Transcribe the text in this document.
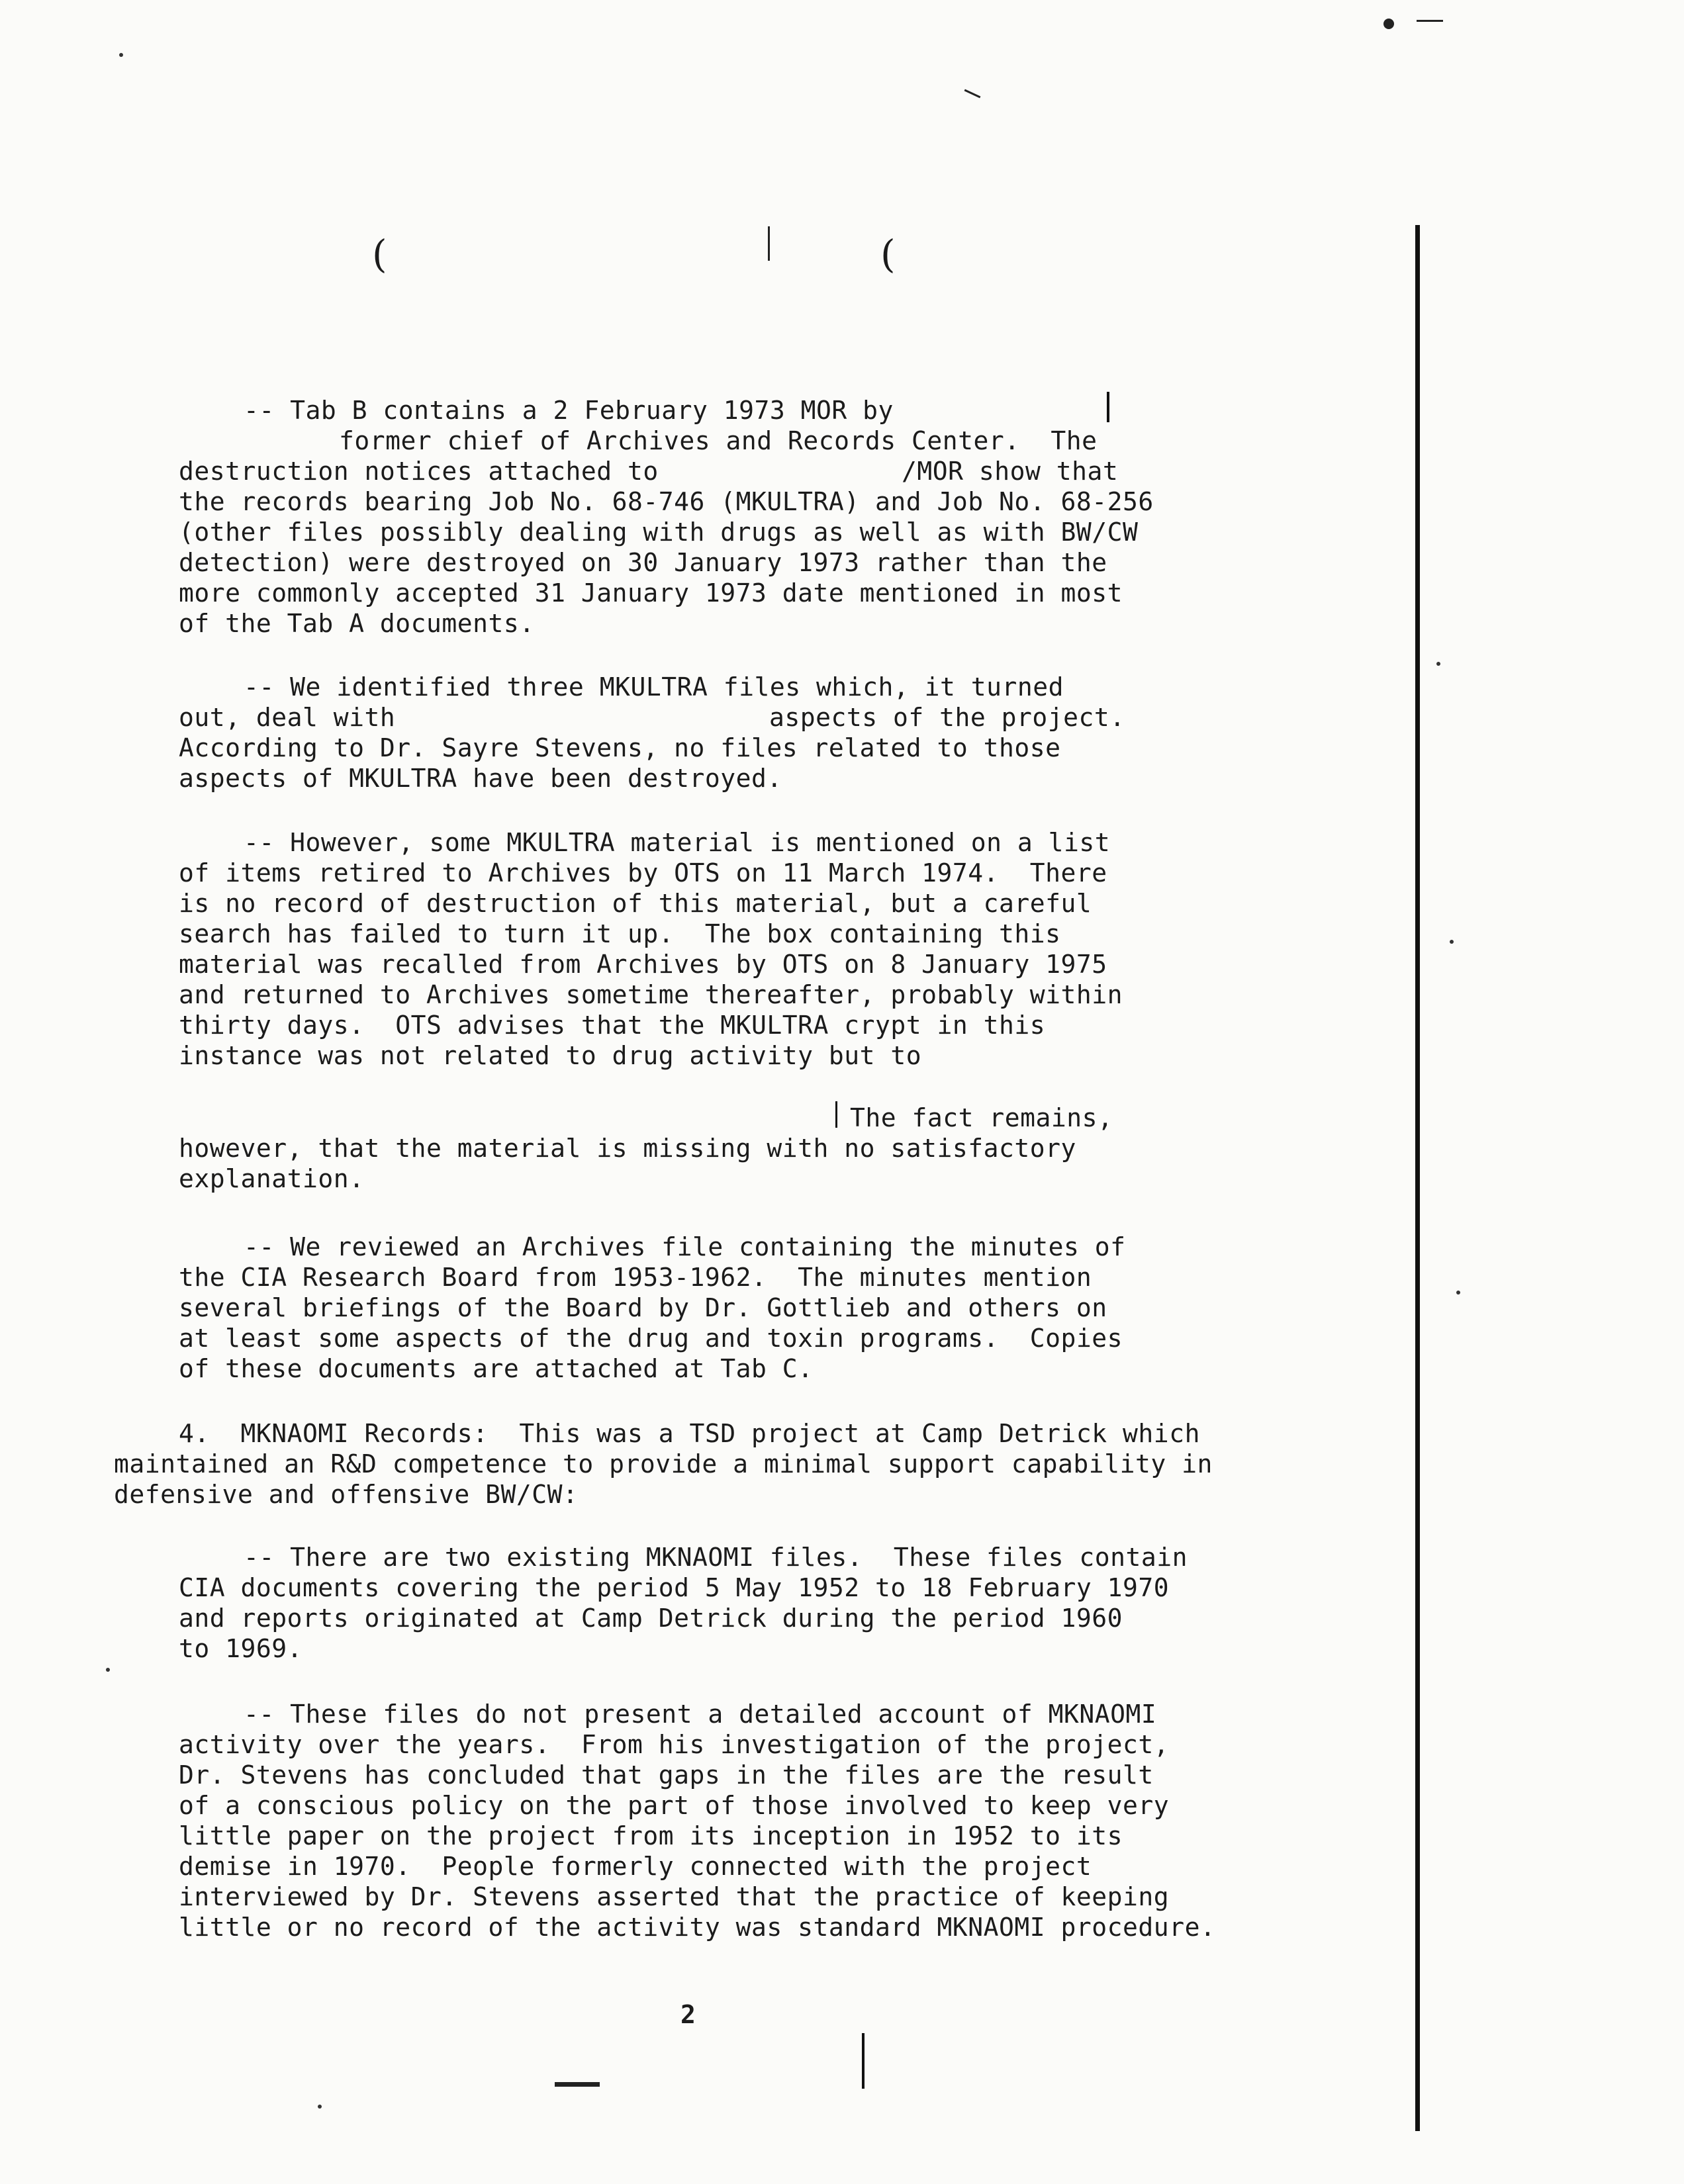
(	(
-- Tab B contains a 2 February 1973 MOR by
former chief of Archives and Records Center.  The
destruction notices attached to	/MOR show that
the records bearing Job No. 68-746 (MKULTRA) and Job No. 68-256
(other files possibly dealing with drugs as well as with BW/CW
detection) were destroyed on 30 January 1973 rather than the
more commonly accepted 31 January 1973 date mentioned in most
of the Tab A documents.
-- We identified three MKULTRA files which, it turned
out, deal with	aspects of the project.
According to Dr. Sayre Stevens, no files related to those
aspects of MKULTRA have been destroyed.
-- However, some MKULTRA material is mentioned on a list
of items retired to Archives by OTS on 11 March 1974.  There
is no record of destruction of this material, but a careful
search has failed to turn it up.  The box containing this
material was recalled from Archives by OTS on 8 January 1975
and returned to Archives sometime thereafter, probably within
thirty days.  OTS advises that the MKULTRA crypt in this
instance was not related to drug activity but to
The fact remains,
however, that the material is missing with no satisfactory
explanation.
-- We reviewed an Archives file containing the minutes of
the CIA Research Board from 1953-1962.  The minutes mention
several briefings of the Board by Dr. Gottlieb and others on
at least some aspects of the drug and toxin programs.  Copies
of these documents are attached at Tab C.
4.  MKNAOMI Records:  This was a TSD project at Camp Detrick which
maintained an R&D competence to provide a minimal support capability in
defensive and offensive BW/CW:
-- There are two existing MKNAOMI files.  These files contain
CIA documents covering the period 5 May 1952 to 18 February 1970
and reports originated at Camp Detrick during the period 1960
to 1969.
-- These files do not present a detailed account of MKNAOMI
activity over the years.  From his investigation of the project,
Dr. Stevens has concluded that gaps in the files are the result
of a conscious policy on the part of those involved to keep very
little paper on the project from its inception in 1952 to its
demise in 1970.  People formerly connected with the project
interviewed by Dr. Stevens asserted that the practice of keeping
little or no record of the activity was standard MKNAOMI procedure.
2
